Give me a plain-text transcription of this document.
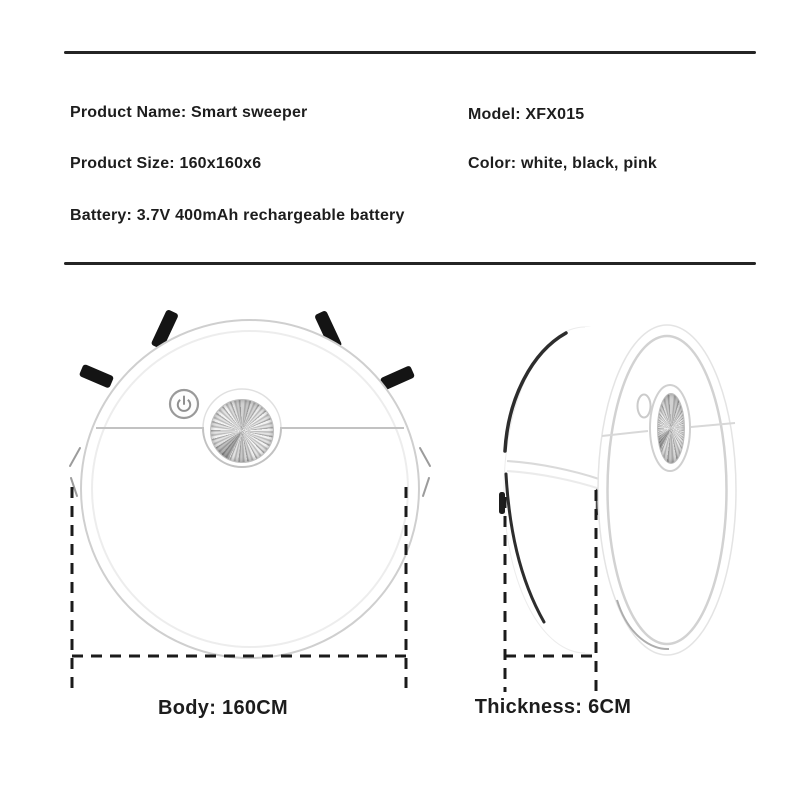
Product Name: Smart sweeper	Model: XFX015
Product Size: 160x160x6	Color: white, black, pink
Battery: 3.7V 400mAh rechargeable battery
Body: 160CM	Thickness: 6CM
